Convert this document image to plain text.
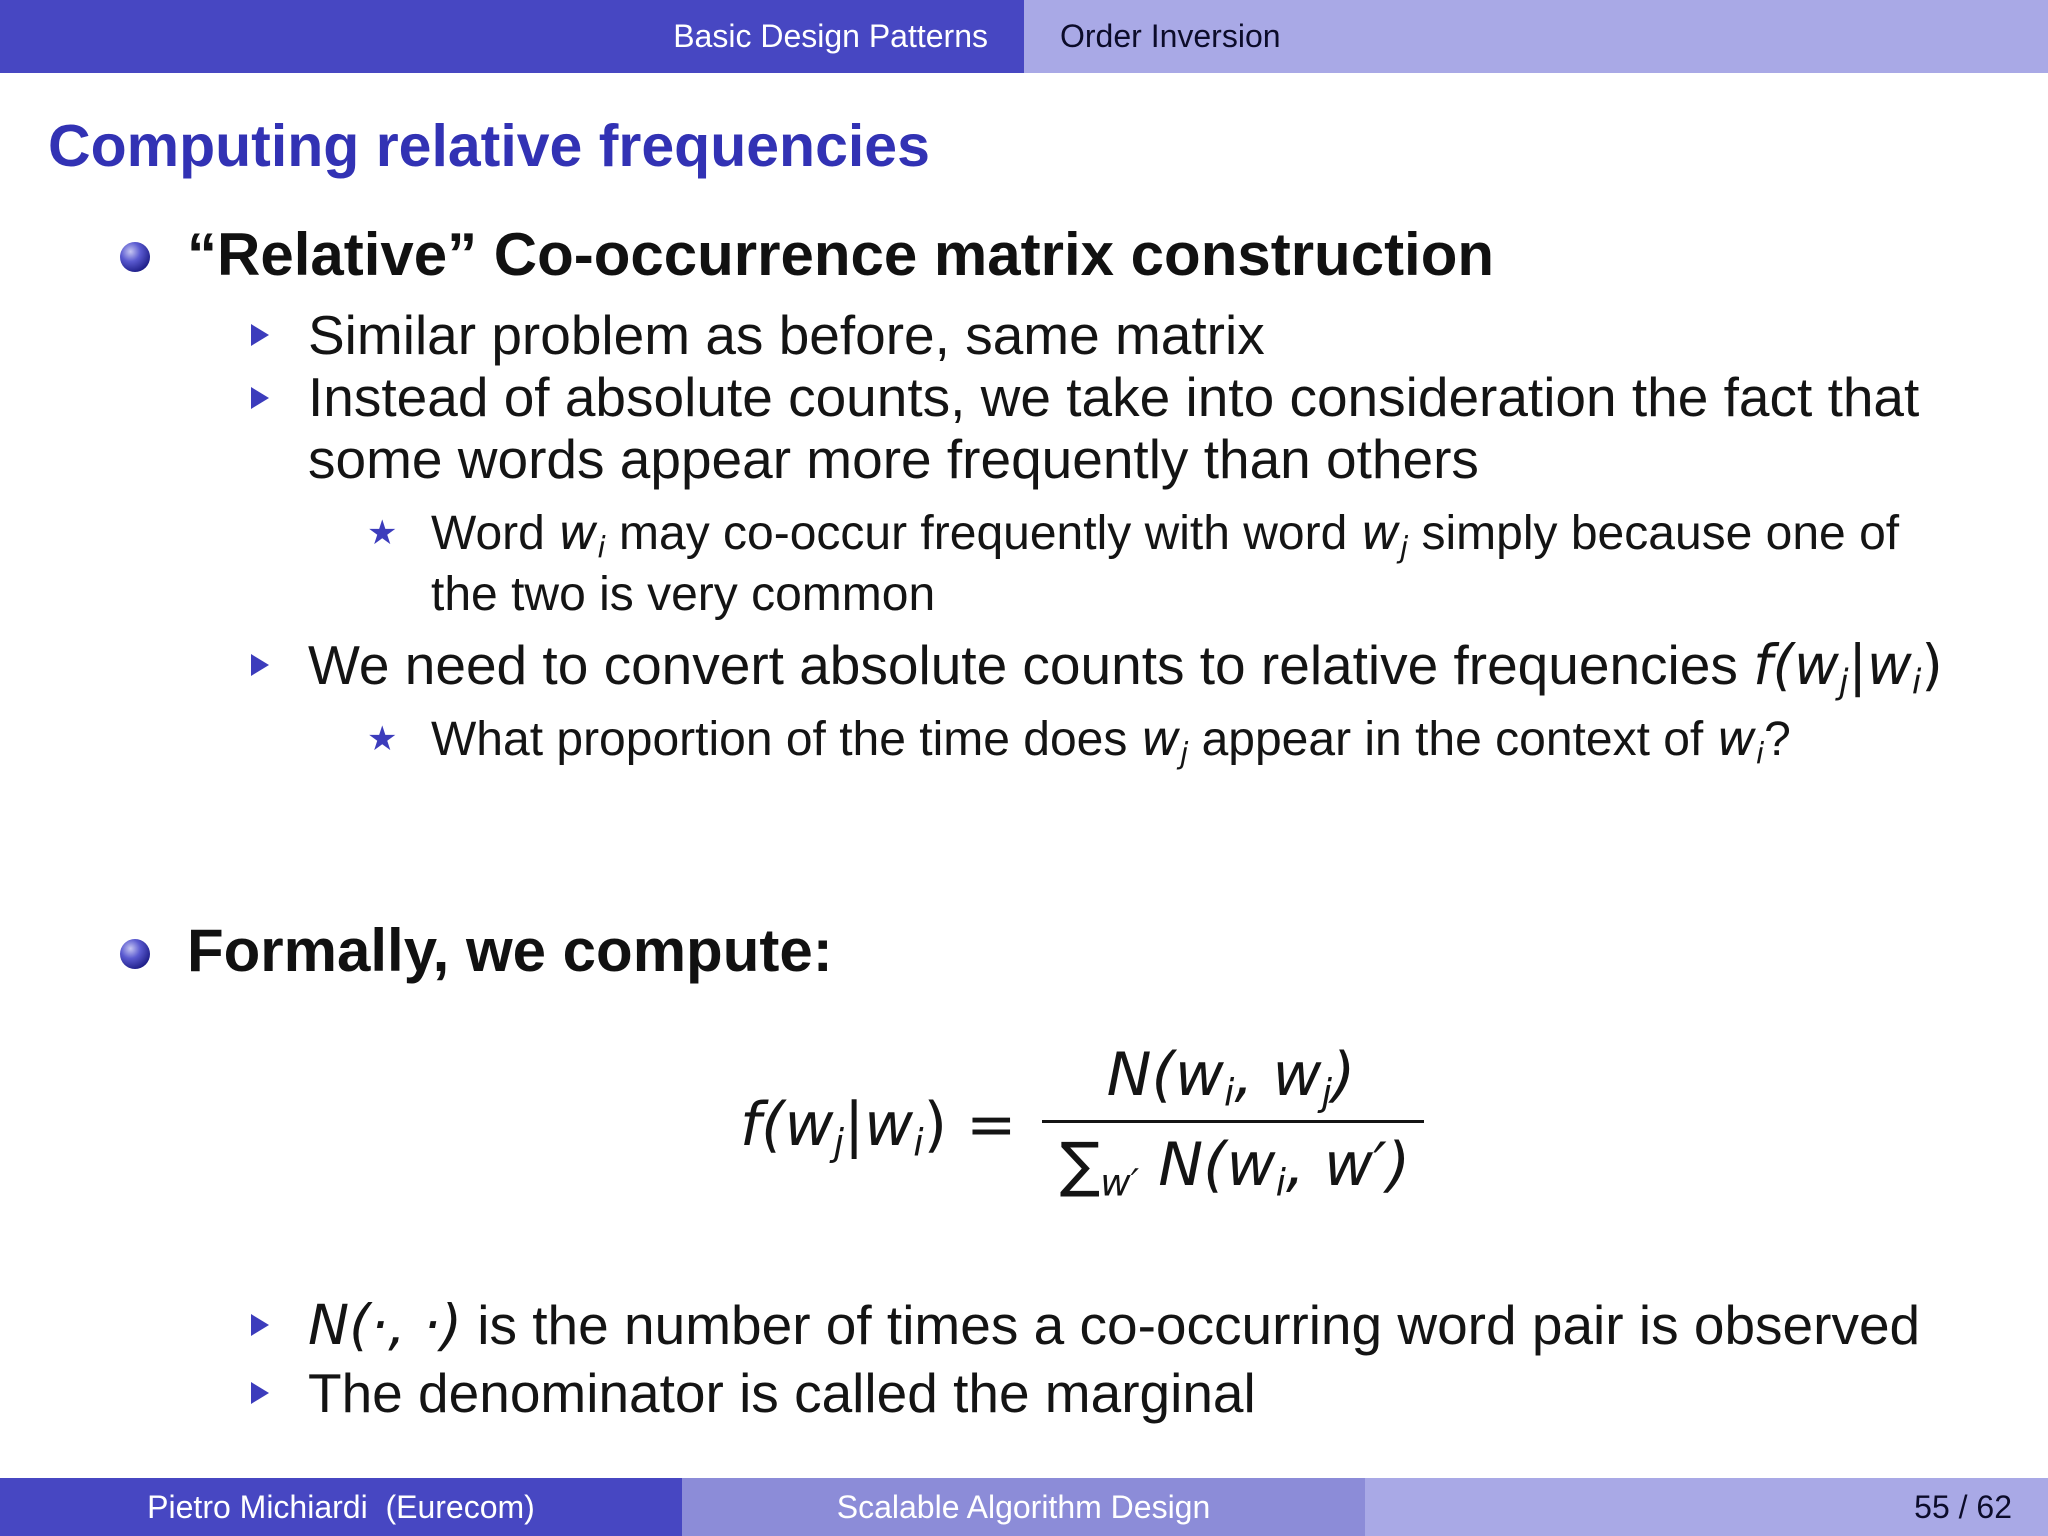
Basic Design Patterns Order Inversion
Computing relative frequencies
“Relative” Co-occurrence matrix construction
Similar problem as before, same matrix
Instead of absolute counts, we take into consideration the fact that
some words appear more frequently than others
★ Word $w_i$ may co-occur frequently with word $w_j$ simply because one of
the two is very common
We need to convert absolute counts to relative frequencies $f(w_j|w_i)$
★ What proportion of the time does $w_j$ appear in the context of $w_i$?
Formally, we compute:
$f(w_j|w_i)$ =
$N(w_i$, $w_j$)
$\sum_{w'}$ $N(w_i$, w′)
N(·, ·) is the number of times a co-occurring word pair is observed
The denominator is called the marginal
Pietro Michiardi  (Eurecom)	Scalable Algorithm Design	55 / 62
